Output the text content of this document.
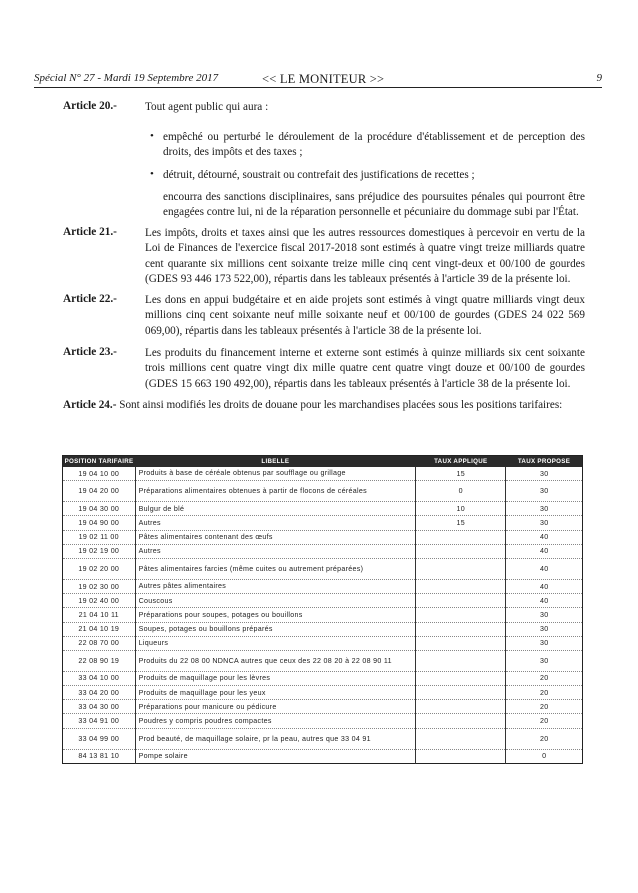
Spécial N° 27 - Mardi 19 Septembre 2017	<< LE MONITEUR >>	9
Article 20.-	Tout agent public qui aura :
• empêché ou perturbé le déroulement de la procédure d'établissement et de perception des droits, des impôts et des taxes ;
• détruit, détourné, soustrait ou contrefait des justifications de recettes ;
encourra des sanctions disciplinaires, sans préjudice des poursuites pénales qui pourront être engagées contre lui, ni de la réparation personnelle et pécuniaire du dommage subi par l'État.
Article 21.-	Les impôts, droits et taxes ainsi que les autres ressources domestiques à percevoir en vertu de la Loi de Finances de l'exercice fiscal 2017-2018 sont estimés à quatre vingt treize milliards quatre cent quarante six millions cent soixante treize mille cinq cent vingt-deux et 00/100 de gourdes (GDES 93 446 173 522,00), répartis dans les tableaux présentés à l'article 39 de la présente loi.
Article 22.-	Les dons en appui budgétaire et en aide projets sont estimés à vingt quatre milliards vingt deux millions cinq cent soixante neuf mille soixante neuf et 00/100 de gourdes (GDES 24 022 569 069,00), répartis dans les tableaux présentés à l'article 38 de la présente loi.
Article 23.-	Les produits du financement interne et externe sont estimés à quinze milliards six cent soixante trois millions cent quatre vingt dix mille quatre cent quatre vingt douze et 00/100 de gourdes (GDES 15 663 190 492,00), répartis dans les tableaux présentés à l'article 38 de la présente loi.
Article 24.- Sont ainsi modifiés les droits de douane pour les marchandises placées sous les positions tarifaires:
POSITION TARIFAIRE	LIBELLE	TAUX APPLIQUE	TAUX PROPOSE
19 04 10 00	Produits à base de céréale obtenus par soufflage ou grillage	15	30
19 04 20 00	Préparations alimentaires obtenues à partir de flocons de céréales	0	30
19 04 30 00	Bulgur de blé	10	30
19 04 90 00	Autres	15	30
19 02 11 00	Pâtes alimentaires contenant des œufs		40
19 02 19 00	Autres		40
19 02 20 00	Pâtes alimentaires farcies (même cuites ou autrement préparées)		40
19 02 30 00	Autres pâtes alimentaires		40
19 02 40 00	Couscous		40
21 04 10 11	Préparations pour soupes, potages ou bouillons		30
21 04 10 19	Soupes, potages ou bouillons préparés		30
22 08 70 00	Liqueurs		30
22 08 90 19	Produits du 22 08 00 NDNCA autres que ceux des 22 08 20 à 22 08 90 11		30
33 04 10 00	Produits de maquillage pour les lèvres		20
33 04 20 00	Produits de maquillage pour les yeux		20
33 04 30 00	Préparations pour manicure ou pédicure		20
33 04 91 00	Poudres y compris poudres compactes		20
33 04 99 00	Prod beauté, de maquillage solaire, pr la peau, autres que 33 04 91		20
84 13 81 10	Pompe solaire		0
